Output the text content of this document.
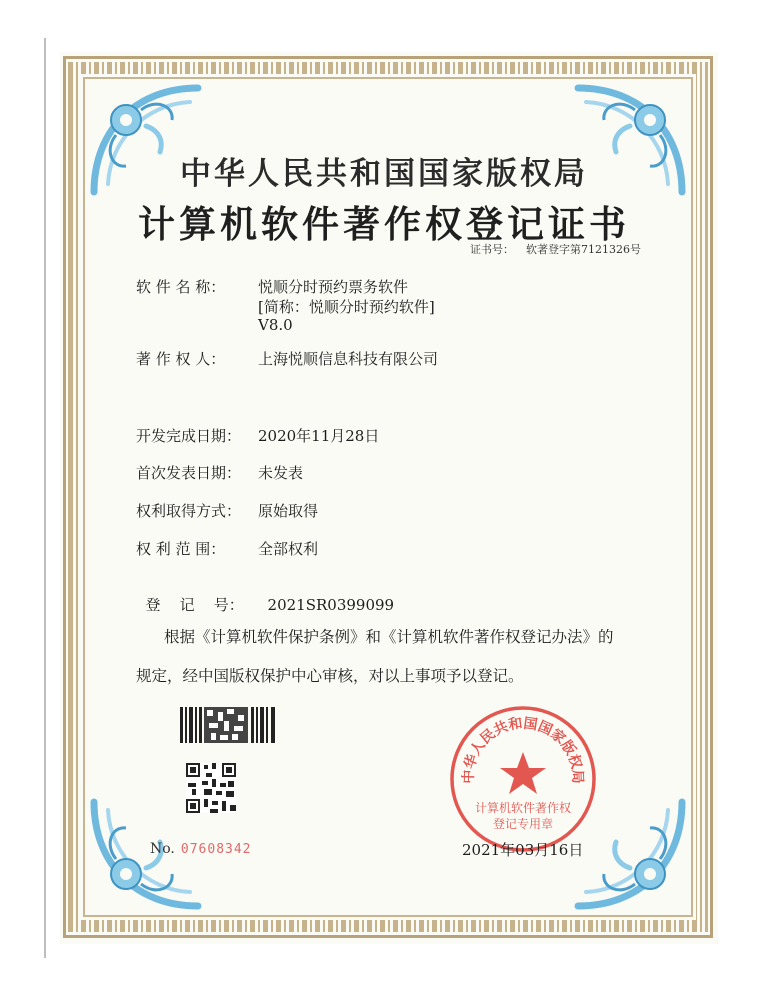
中华人民共和国国家版权局
计算机软件著作权登记证书
证书号： 软著登字第7121326号
软 件 名 称： 悦顺分时预约票务软件
[简称：悦顺分时预约软件]
V8.0
著 作 权 人： 上海悦顺信息科技有限公司
开发完成日期： 2020年11月28日
首次发表日期： 未发表
权利取得方式： 原始取得
权 利 范 围： 全部权利

登    记    号： 2021SR0399099

根据《计算机软件保护条例》和《计算机软件著作权登记办法》的
规定，经中国版权保护中心审核，对以上事项予以登记。
No. 07608342
中华人民共和国国家版权局
计算机软件著作权
登记专用章
2021年03月16日
